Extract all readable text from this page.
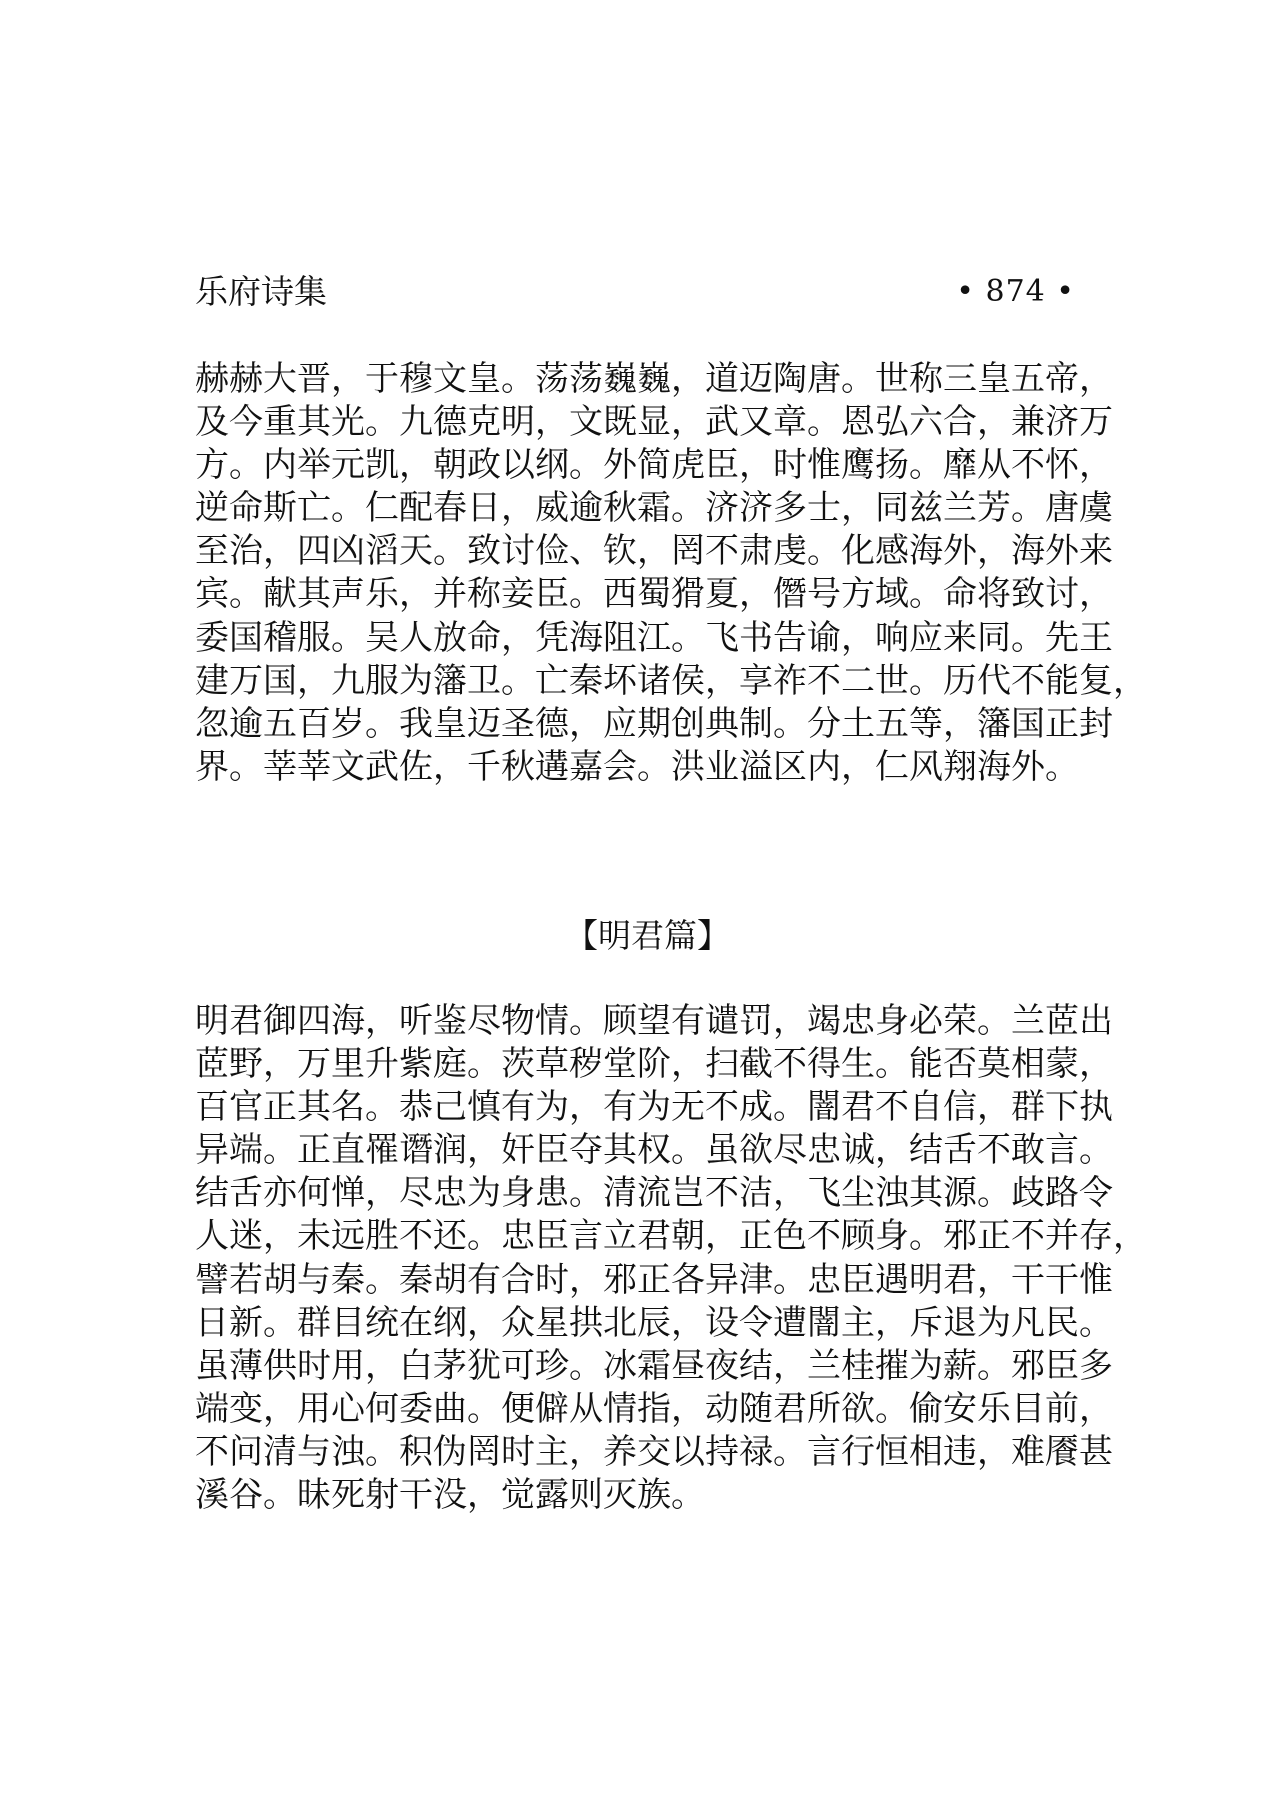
乐府诗集	• 874 •
赫赫大晋，于穆文皇。荡荡巍巍，道迈陶唐。世称三皇五帝，
及今重其光。九德克明，文既显，武又章。恩弘六合，兼济万
方。内举元凯，朝政以纲。外简虎臣，时惟鹰扬。靡从不怀，
逆命斯亡。仁配春日，威逾秋霜。济济多士，同兹兰芳。唐虞
至治，四凶滔天。致讨俭、钦，罔不肃虔。化感海外，海外来
宾。献其声乐，并称妾臣。西蜀猾夏，僭号方域。命将致讨，
委国稽服。吴人放命，凭海阻江。飞书告谕，响应来同。先王
建万国，九服为籓卫。亡秦坏诸侯，享祚不二世。历代不能复，
忽逾五百岁。我皇迈圣德，应期创典制。分土五等，籓国正封
界。莘莘文武佐，千秋遘嘉会。洪业溢区内，仁风翔海外。
【明君篇】
明君御四海，听鉴尽物情。顾望有谴罚，竭忠身必荣。兰茝出
茝野，万里升紫庭。茨草秽堂阶，扫截不得生。能否莫相蒙，
百官正其名。恭己慎有为，有为无不成。闇君不自信，群下执
异端。正直罹谮润，奸臣夺其权。虽欲尽忠诚，结舌不敢言。
结舌亦何惮，尽忠为身患。清流岂不洁，飞尘浊其源。歧路令
人迷，未远胜不还。忠臣言立君朝，正色不顾身。邪正不并存，
譬若胡与秦。秦胡有合时，邪正各异津。忠臣遇明君，干干惟
日新。群目统在纲，众星拱北辰，设令遭闇主，斥退为凡民。
虽薄供时用，白茅犹可珍。冰霜昼夜结，兰桂摧为薪。邪臣多
端变，用心何委曲。便僻从情指，动随君所欲。偷安乐目前，
不问清与浊。积伪罔时主，养交以持禄。言行恒相违，难餍甚
溪谷。昧死射干没，觉露则灭族。
